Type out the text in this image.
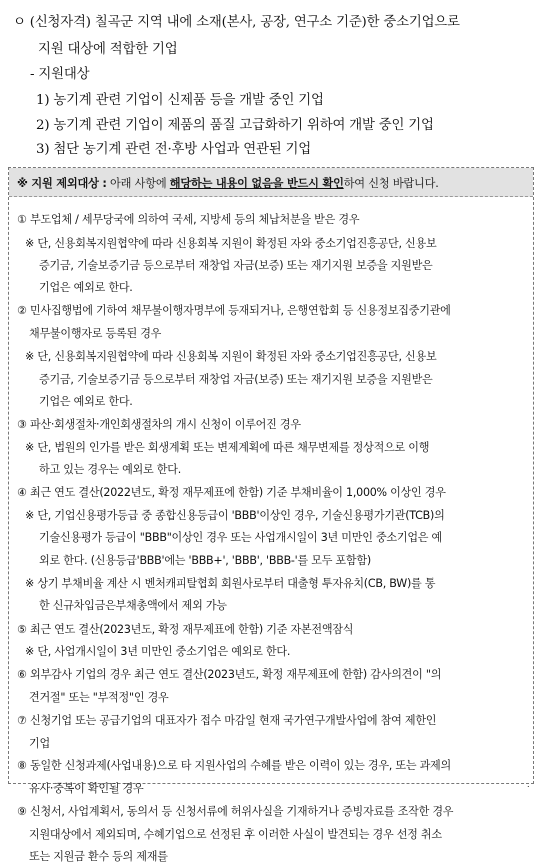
ㅇ (신청자격) 칠곡군 지역 내에 소재(본사, 공장, 연구소 기준)한 중소기업으로
지원 대상에 적합한 기업
- 지원대상
1) 농기계 관련 기업이 신제품 등을 개발 중인 기업
2) 농기계 관련 기업이 제품의 품질 고급화하기 위하여 개발 중인 기업
3) 첨단 농기계 관련 전·후방 사업과 연관된 기업
※ 지원 제외대상 : 아래 사항에 해당하는 내용이 없음을 반드시 확인하여 신청 바랍니다.
① 부도업체 / 세무당국에 의하여 국세, 지방세 등의 체납처분을 받은 경우
※ 단, 신용회복지원협약에 따라 신용회복 지원이 확정된 자와 중소기업진흥공단, 신용보
증기금, 기술보증기금 등으로부터 재창업 자금(보증) 또는 재기지원 보증을 지원받은
기업은 예외로 한다.
② 민사집행법에 기하여 채무불이행자명부에 등재되거나, 은행연합회 등 신용정보집중기관에
채무불이행자로 등록된 경우
※ 단, 신용회복지원협약에 따라 신용회복 지원이 확정된 자와 중소기업진흥공단, 신용보
증기금, 기술보증기금 등으로부터 재창업 자금(보증) 또는 재기지원 보증을 지원받은
기업은 예외로 한다.
③ 파산·회생절차·개인회생절차의 개시 신청이 이루어진 경우
※ 단, 법원의 인가를 받은 회생계획 또는 변제계획에 따른 채무변제를 정상적으로 이행
하고 있는 경우는 예외로 한다.
④ 최근 연도 결산(2022년도, 확정 재무제표에 한함) 기준 부채비율이 1,000% 이상인 경우
※ 단, 기업신용평가등급 중 종합신용등급이 'BBB'이상인 경우, 기술신용평가기관(TCB)의
기술신용평가 등급이 "BBB"이상인 경우 또는 사업개시일이 3년 미만인 중소기업은 예
외로 한다. (신용등급'BBB'에는 'BBB+', 'BBB', 'BBB-'를 모두 포함함)
※ 상기 부채비율 계산 시 벤처캐피탈협회 회원사로부터 대출형 투자유치(CB, BW)를 통
한 신규차입금은부채총액에서 제외 가능
⑤ 최근 연도 결산(2023년도, 확정 재무제표에 한함) 기준 자본전액잠식
※ 단, 사업개시일이 3년 미만인 중소기업은 예외로 한다.
⑥ 외부감사 기업의 경우 최근 연도 결산(2023년도, 확정 재무제표에 한함) 감사의견이 "의
견거절" 또는 "부적정"인 경우
⑦ 신청기업 또는 공급기업의 대표자가 접수 마감일 현재 국가연구개발사업에 참여 제한인
기업
⑧ 동일한 신청과제(사업내용)으로 타 지원사업의 수혜를 받은 이력이 있는 경우, 또는 과제의
유사·중복이 확인될 경우
⑨ 신청서, 사업계획서, 동의서 등 신청서류에 허위사실을 기재하거나 증빙자료를 조작한 경우
지원대상에서 제외되며, 수혜기업으로 선정된 후 이러한 사실이 발견되는 경우 선정 취소
또는 지원금 환수 등의 제재를
.
